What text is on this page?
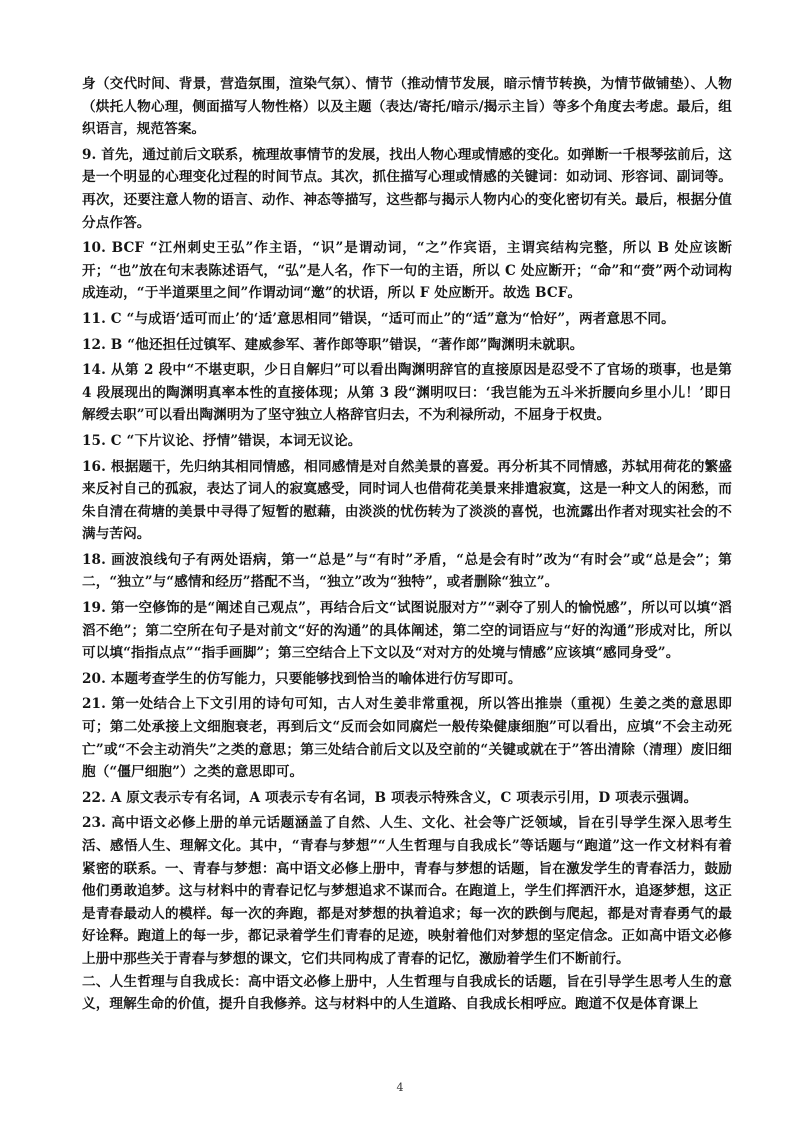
身（交代时间、背景，营造氛围，渲染气氛）、情节（推动情节发展，暗示情节转换，为情节做铺垫）、人物（烘托人物心理，侧面描写人物性格）以及主题（表达/寄托/暗示/揭示主旨）等多个角度去考虑。最后，组织语言，规范答案。

9. 首先，通过前后文联系，梳理故事情节的发展，找出人物心理或情感的变化。如弹断一千根琴弦前后，这是一个明显的心理变化过程的时间节点。其次，抓住描写心理或情感的关键词：如动词、形容词、副词等。再次，还要注意人物的语言、动作、神态等描写，这些都与揭示人物内心的变化密切有关。最后，根据分值分点作答。

10. BCF “江州刺史王弘”作主语，“识”是谓动词，“之”作宾语，主谓宾结构完整，所以 B 处应该断开；“也”放在句末表陈述语气，“弘”是人名，作下一句的主语，所以 C 处应断开；“命”和“赍”两个动词构成连动，“于半道栗里之间”作谓动词“邀”的状语，所以 F 处应断开。故选 BCF。

11. C “与成语‘适可而止’的‘适’意思相同”错误，“适可而止”的“适”意为“恰好”，两者意思不同。

12. B “他还担任过镇军、建威参军、著作郎等职”错误，“著作郎”陶渊明未就职。

14. 从第 2 段中“不堪吏职，少日自解归”可以看出陶渊明辞官的直接原因是忍受不了官场的琐事，也是第 4 段展现出的陶渊明真率本性的直接体现；从第 3 段“渊明叹曰：‘我岂能为五斗米折腰向乡里小儿！’即日解绶去职”可以看出陶渊明为了坚守独立人格辞官归去，不为利禄所动，不屈身于权贵。

15. C “下片议论、抒情”错误，本词无议论。

16. 根据题干，先归纳其相同情感，相同感情是对自然美景的喜爱。再分析其不同情感，苏轼用荷花的繁盛来反衬自己的孤寂，表达了词人的寂寞感受，同时词人也借荷花美景来排遣寂寞，这是一种文人的闲愁，而朱自清在荷塘的美景中寻得了短暂的慰藉，由淡淡的忧伤转为了淡淡的喜悦，也流露出作者对现实社会的不满与苦闷。

18. 画波浪线句子有两处语病，第一“总是”与“有时”矛盾，“总是会有时”改为“有时会”或“总是会”；第二，“独立”与“感情和经历”搭配不当，“独立”改为“独特”，或者删除“独立”。

19. 第一空修饰的是“阐述自己观点”，再结合后文“试图说服对方”“剥夺了别人的愉悦感”，所以可以填“滔滔不绝”；第二空所在句子是对前文“好的沟通”的具体阐述，第二空的词语应与“好的沟通”形成对比，所以可以填“指指点点”“指手画脚”；第三空结合上下文以及“对对方的处境与情感”应该填“感同身受”。

20. 本题考查学生的仿写能力，只要能够找到恰当的喻体进行仿写即可。

21. 第一处结合上下文引用的诗句可知，古人对生姜非常重视，所以答出推崇（重视）生姜之类的意思即可；第二处承接上文细胞衰老，再到后文“反而会如同腐烂一般传染健康细胞”可以看出，应填“不会主动死亡”或“不会主动消失”之类的意思；第三处结合前后文以及空前的“关键或就在于”答出清除（清理）废旧细胞（“僵尸细胞”）之类的意思即可。

22. A 原文表示专有名词，A 项表示专有名词，B 项表示特殊含义，C 项表示引用，D 项表示强调。

23. 高中语文必修上册的单元话题涵盖了自然、人生、文化、社会等广泛领域，旨在引导学生深入思考生活、感悟人生、理解文化。其中，“青春与梦想”“人生哲理与自我成长”等话题与“跑道”这一作文材料有着紧密的联系。一、青春与梦想：高中语文必修上册中，青春与梦想的话题，旨在激发学生的青春活力，鼓励他们勇敢追梦。这与材料中的青春记忆与梦想追求不谋而合。在跑道上，学生们挥洒汗水，追逐梦想，这正是青春最动人的模样。每一次的奔跑，都是对梦想的执着追求；每一次的跌倒与爬起，都是对青春勇气的最好诠释。跑道上的每一步，都记录着学生们青春的足迹，映射着他们对梦想的坚定信念。正如高中语文必修上册中那些关于青春与梦想的课文，它们共同构成了青春的记忆，激励着学生们不断前行。

二、人生哲理与自我成长：高中语文必修上册中，人生哲理与自我成长的话题，旨在引导学生思考人生的意义，理解生命的价值，提升自我修养。这与材料中的人生道路、自我成长相呼应。跑道不仅是体育课上

4
